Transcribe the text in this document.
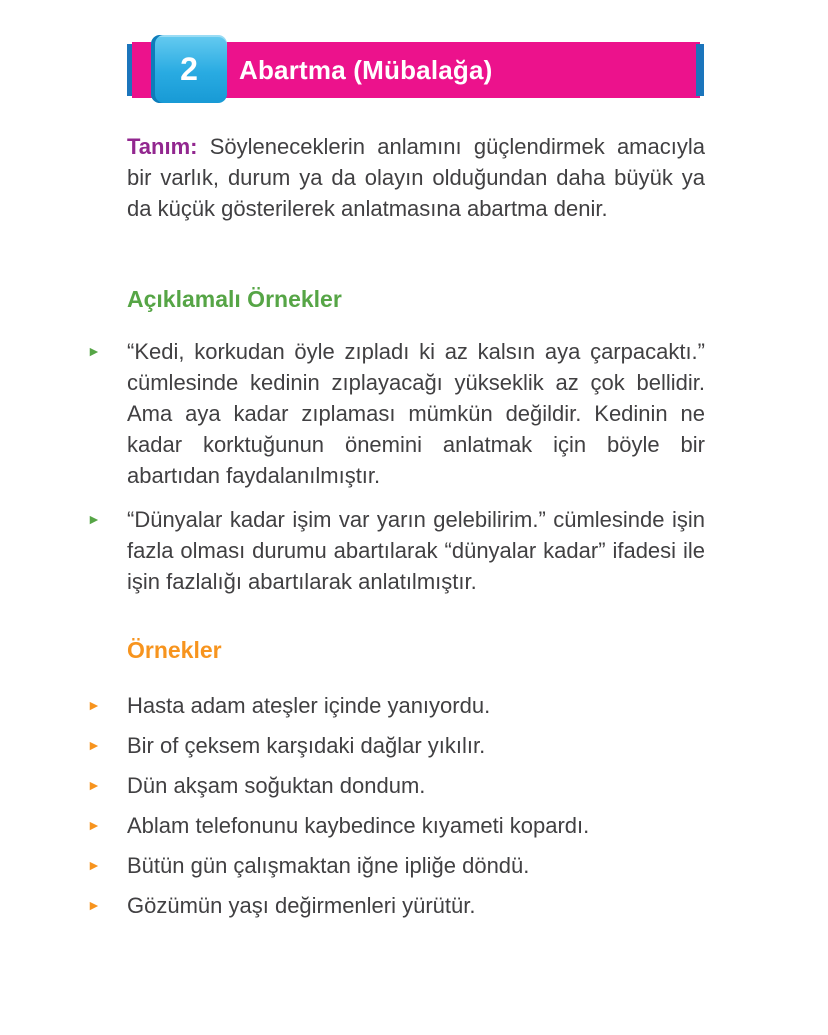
2 Abartma (Mübalağa)

Tanım: Söyleneceklerin anlamını güçlendirmek amacıyla bir varlık, durum ya da olayın olduğundan daha büyük ya da küçük gösterilerek anlatmasına abartma denir.

Açıklamalı Örnekler
►	“Kedi, korkudan öyle zıpladı ki az kalsın aya çarpacaktı.” cümlesinde kedinin zıplayacağı yükseklik az çok bellidir. Ama aya kadar zıplaması mümkün değildir. Kedinin ne kadar korktuğunun önemini anlatmak için böyle bir abartıdan faydalanılmıştır.

►	“Dünyalar kadar işim var yarın gelebilirim.” cümlesinde işin fazla olması durumu abartılarak “dünyalar kadar” ifadesi ile işin fazlalığı abartılarak anlatılmıştır.

Örnekler
►	Hasta adam ateşler içinde yanıyordu.

►	Bir of çeksem karşıdaki dağlar yıkılır.

►	Dün akşam soğuktan dondum.

►	Ablam telefonunu kaybedince kıyameti kopardı.

►	Bütün gün çalışmaktan iğne ipliğe döndü.

►	Gözümün yaşı değirmenleri yürütür.
